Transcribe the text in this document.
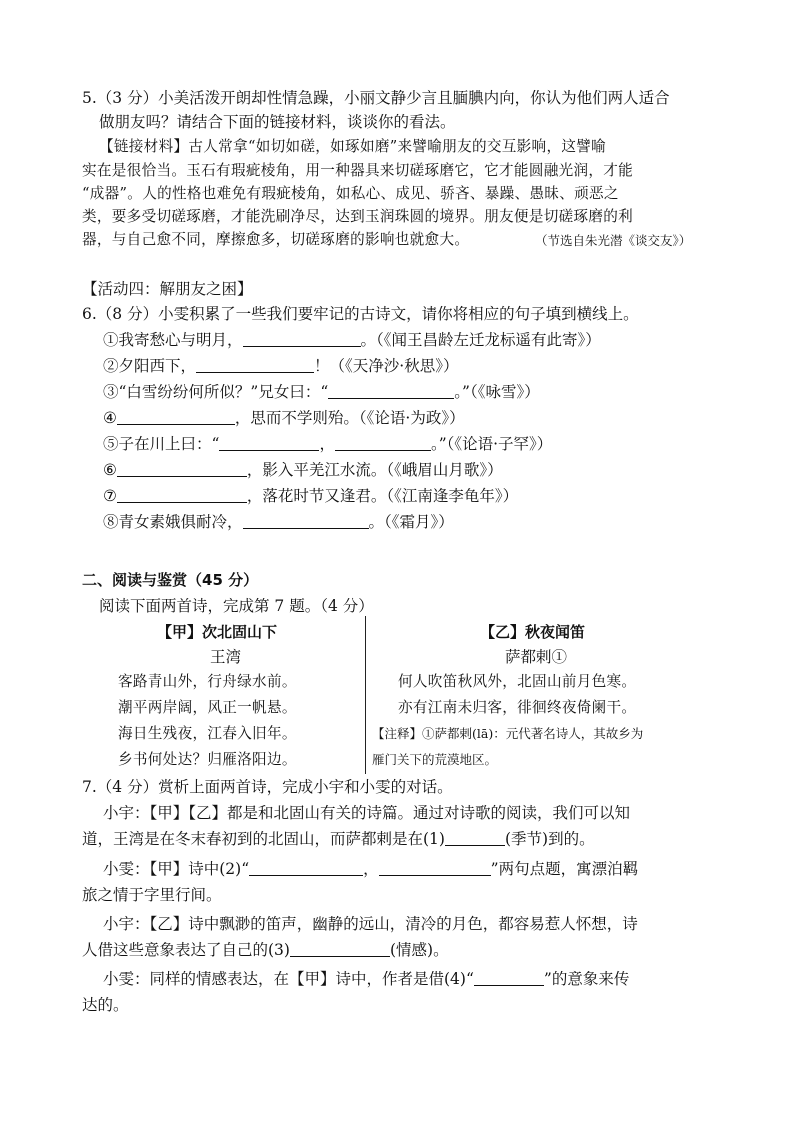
5.（3 分）小美活泼开朗却性情急躁，小丽文静少言且腼腆内向，你认为他们两人适合
做朋友吗？请结合下面的链接材料，谈谈你的看法。
【链接材料】古人常拿“如切如磋，如琢如磨”来譬喻朋友的交互影响，这譬喻
实在是很恰当。玉石有瑕疵棱角，用一种器具来切磋琢磨它，它才能圆融光润，才能
“成器”。人的性格也难免有瑕疵棱角，如私心、成见、骄吝、暴躁、愚昧、顽恶之
类，要多受切磋琢磨，才能洗刷净尽，达到玉润珠圆的境界。朋友便是切磋琢磨的利
器，与自己愈不同，摩擦愈多，切磋琢磨的影响也就愈大。	（节选自朱光潜《谈交友》）
【活动四：解朋友之困】
6.（8 分）小雯积累了一些我们要牢记的古诗文，请你将相应的句子填到横线上。
①我寄愁心与明月，	。（《闻王昌龄左迁龙标遥有此寄》）
②夕阳西下，	！（《天净沙·秋思》）
③“白雪纷纷何所似？”兄女曰：“	。”（《咏雪》）
④	，思而不学则殆。（《论语·为政》）
⑤子在川上曰：“	，	。”（《论语·子罕》）
⑥	，影入平羌江水流。（《峨眉山月歌》）
⑦	，落花时节又逢君。（《江南逢李龟年》）
⑧青女素娥俱耐冷，	。（《霜月》）
二、阅读与鉴赏（45 分）
阅读下面两首诗，完成第 7 题。（4 分）
【甲】次北固山下
王湾
客路青山外，行舟绿水前。
潮平两岸阔，风正一帆悬。
海日生残夜，江春入旧年。
乡书何处达？归雁洛阳边。
【乙】秋夜闻笛
萨都剌①
何人吹笛秋风外，北固山前月色寒。
亦有江南未归客，徘徊终夜倚阑干。
【注释】①萨都剌(lā)：元代著名诗人，其故乡为
雁门关下的荒漠地区。
7.（4 分）赏析上面两首诗，完成小宇和小雯的对话。
小宇：【甲】【乙】都是和北固山有关的诗篇。通过对诗歌的阅读，我们可以知
道，王湾是在冬末春初到的北固山，而萨都剌是在(1)	(季节)到的。
小雯：【甲】诗中(2)“	，	”两句点题，寓漂泊羁
旅之情于字里行间。
小宇：【乙】诗中飘渺的笛声，幽静的远山，清冷的月色，都容易惹人怀想，诗
人借这些意象表达了自己的(3)	(情感)。
小雯：同样的情感表达，在【甲】诗中，作者是借(4)“	”的意象来传
达的。
